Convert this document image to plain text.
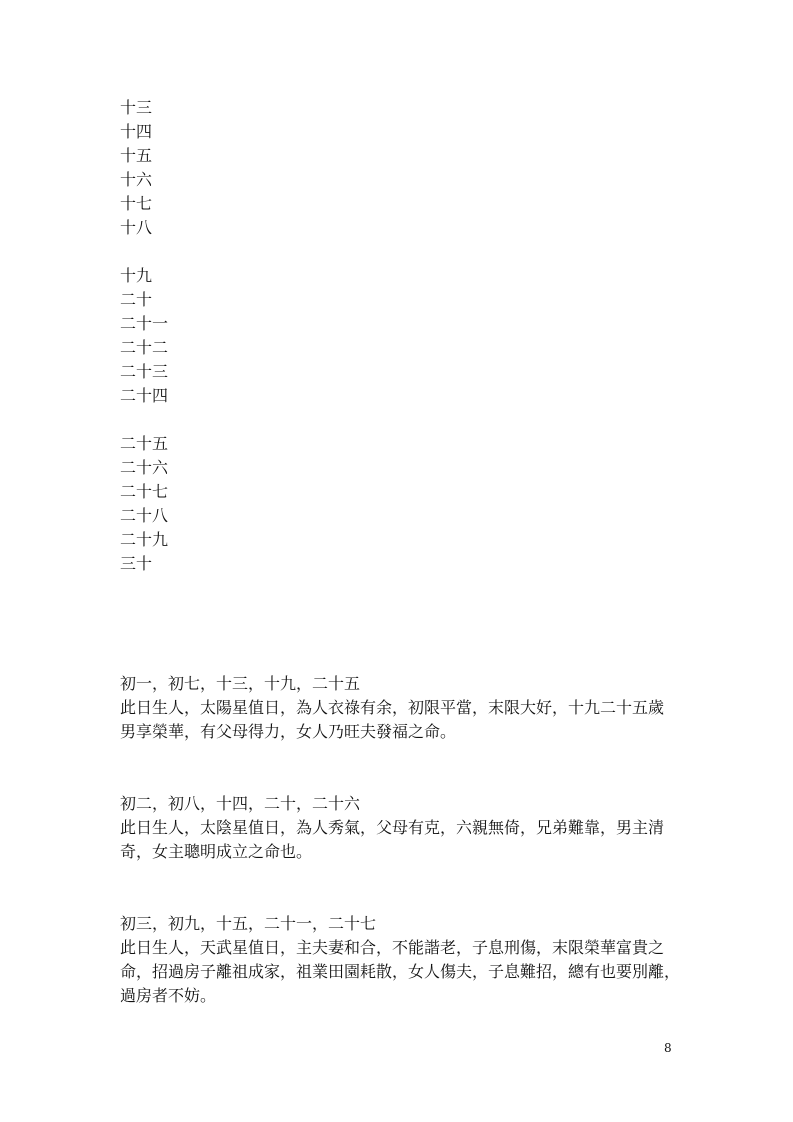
十三
十四
十五
十六
十七
十八
十九
二十
二十一
二十二
二十三
二十四
二十五
二十六
二十七
二十八
二十九
三十
初一，初七，十三，十九，二十五
此日生人，太陽星值日，為人衣祿有余，初限平當，末限大好，十九二十五歲
男享榮華，有父母得力，女人乃旺夫發福之命。
初二，初八，十四，二十，二十六
此日生人，太陰星值日，為人秀氣，父母有克，六親無倚，兄弟難靠，男主清
奇，女主聰明成立之命也。
初三，初九，十五，二十一，二十七
此日生人，天武星值日，主夫妻和合，不能諧老，子息刑傷，末限榮華富貴之
命，招過房子離祖成家，祖業田園耗散，女人傷夫，子息難招，總有也要別離，
過房者不妨。
8
